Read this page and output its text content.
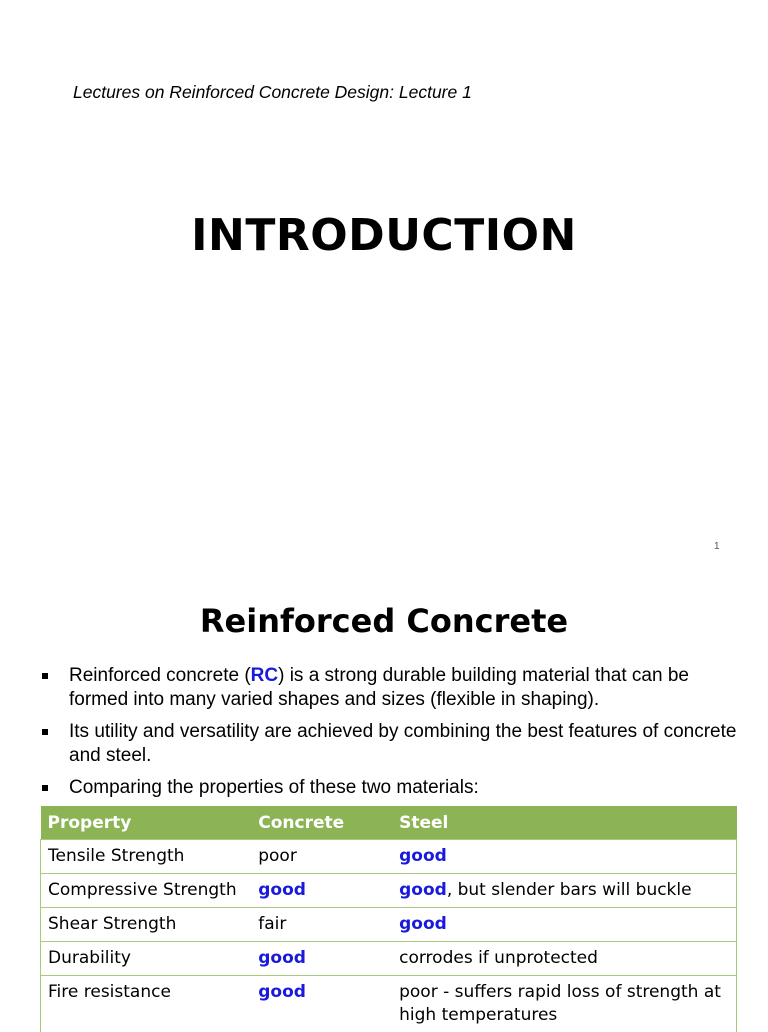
Lectures on Reinforced Concrete Design: Lecture 1
INTRODUCTION
1
Reinforced Concrete
Reinforced concrete (RC) is a strong durable building material that can be formed into many varied shapes and sizes (flexible in shaping).
Its utility and versatility are achieved by combining the best features of concrete and steel.
Comparing the properties of these two materials:
Property	Concrete	Steel
Tensile Strength	poor	good
Compressive Strength	good	good, but slender bars will buckle
Shear Strength	fair	good
Durability	good	corrodes if unprotected
Fire resistance	good	poor - suffers rapid loss of strength at high temperatures
